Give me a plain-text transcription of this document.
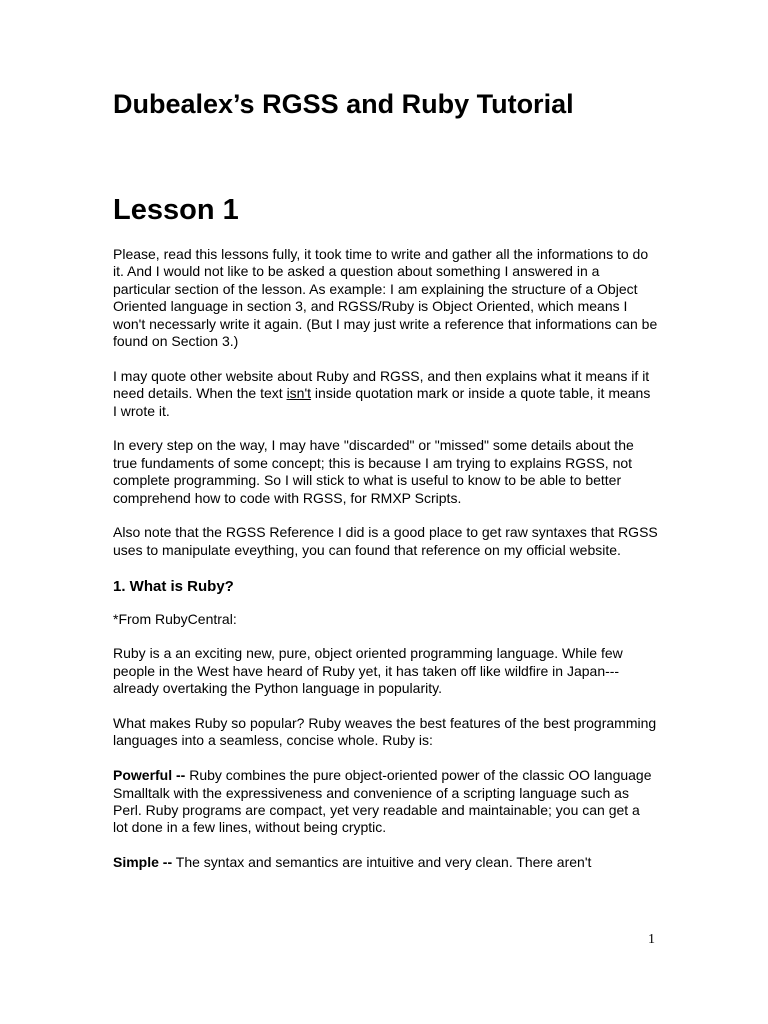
Dubealex’s RGSS and Ruby Tutorial
Lesson 1

Please, read this lessons fully, it took time to write and gather all the informations to do it. And I would not like to be asked a question about something I answered in a particular section of the lesson. As example: I am explaining the structure of a Object Oriented language in section 3, and RGSS/Ruby is Object Oriented, which means I won't necessarly write it again. (But I may just write a reference that informations can be found on Section 3.)

I may quote other website about Ruby and RGSS, and then explains what it means if it need details. When the text isn't inside quotation mark or inside a quote table, it means I wrote it.

In every step on the way, I may have "discarded" or "missed" some details about the true fundaments of some concept; this is because I am trying to explains RGSS, not complete programming. So I will stick to what is useful to know to be able to better comprehend how to code with RGSS, for RMXP Scripts.

Also note that the RGSS Reference I did is a good place to get raw syntaxes that RGSS uses to manipulate eveything, you can found that reference on my official website.

1. What is Ruby?

*From RubyCentral:

Ruby is a an exciting new, pure, object oriented programming language. While few people in the West have heard of Ruby yet, it has taken off like wildfire in Japan---already overtaking the Python language in popularity.

What makes Ruby so popular? Ruby weaves the best features of the best programming languages into a seamless, concise whole. Ruby is:

Powerful -- Ruby combines the pure object-oriented power of the classic OO language Smalltalk with the expressiveness and convenience of a scripting language such as Perl. Ruby programs are compact, yet very readable and maintainable; you can get a lot done in a few lines, without being cryptic.

Simple -- The syntax and semantics are intuitive and very clean. There aren't

1
